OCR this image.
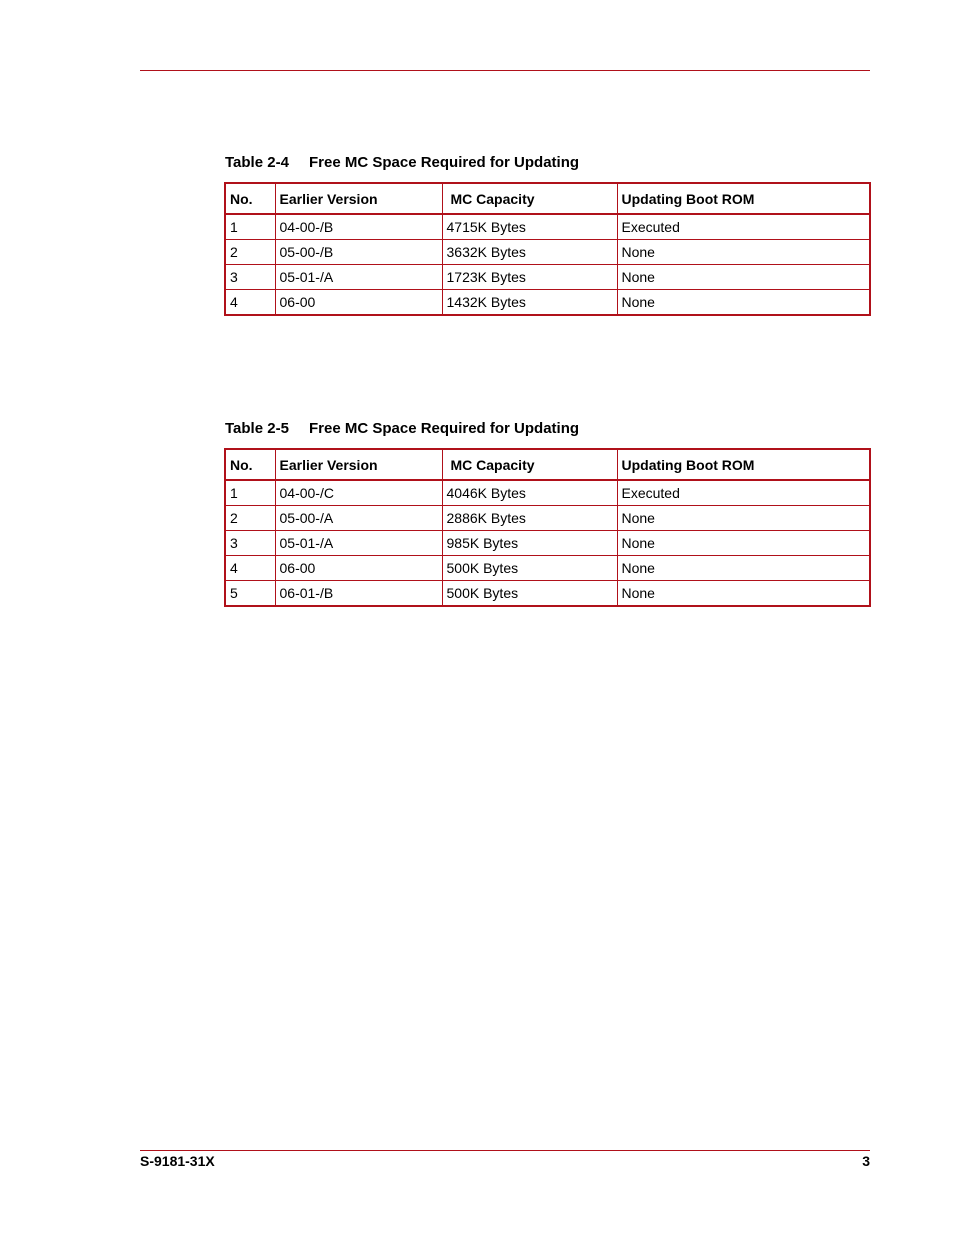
Table 2-4 Free MC Space Required for Updating
No.	Earlier Version	MC Capacity	Updating Boot ROM
1	04-00-/B	4715K Bytes	Executed
2	05-00-/B	3632K Bytes	None
3	05-01-/A	1723K Bytes	None
4	06-00	1432K Bytes	None
Table 2-5 Free MC Space Required for Updating
No.	Earlier Version	MC Capacity	Updating Boot ROM
1	04-00-/C	4046K Bytes	Executed
2	05-00-/A	2886K Bytes	None
3	05-01-/A	985K Bytes	None
4	06-00	500K Bytes	None
5	06-01-/B	500K Bytes	None
S-9181-31X	3
